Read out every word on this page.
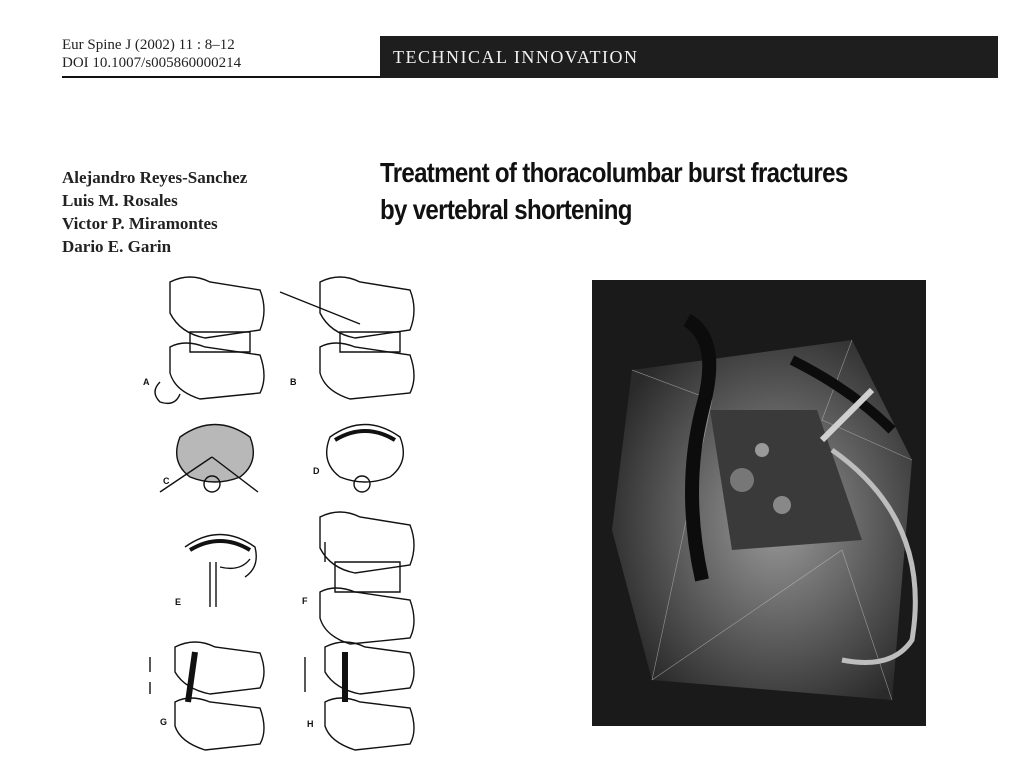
Eur Spine J (2002) 11 : 8–12
DOI 10.1007/s005860000214	TECHNICAL INNOVATION
Alejandro Reyes-Sanchez
Luis M. Rosales
Victor P. Miramontes
Dario E. Garin
Treatment of thoracolumbar burst fractures
by vertebral shortening
A	B
C
D
E	F
G	H
